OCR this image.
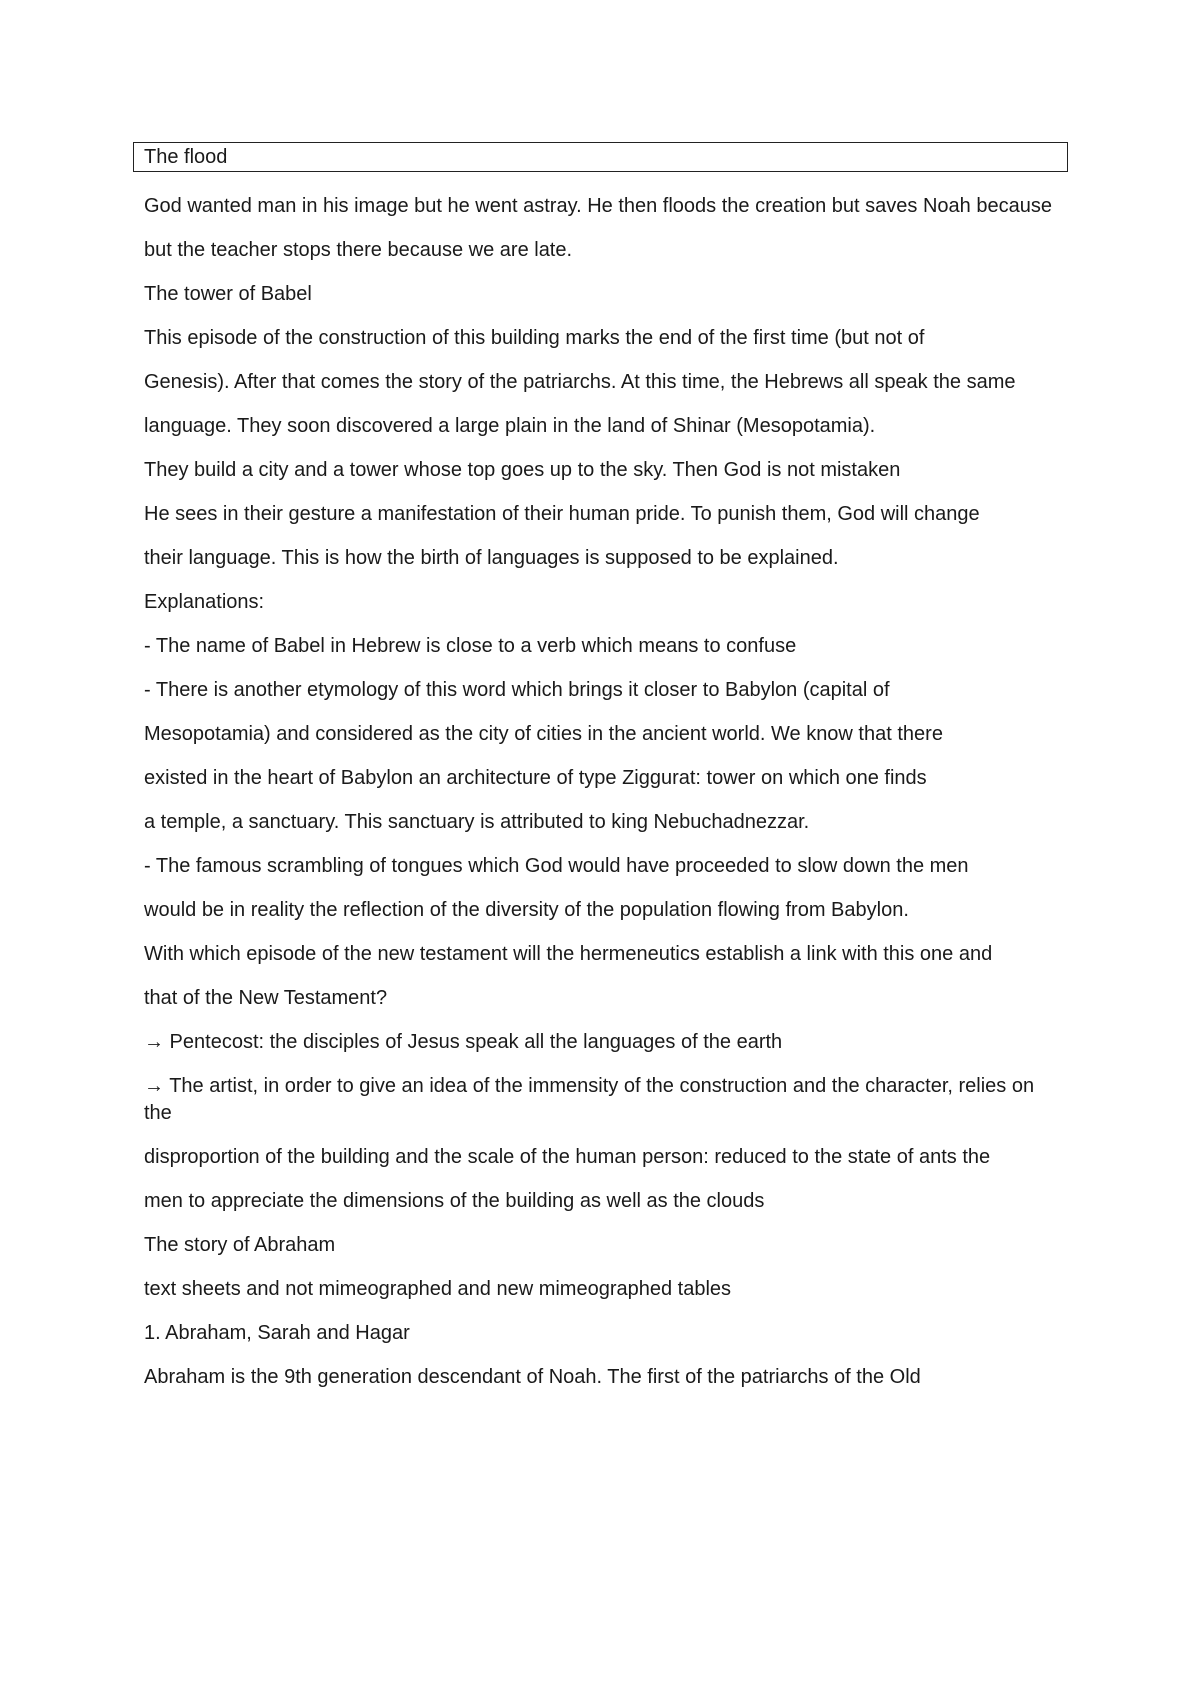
The flood

God wanted man in his image but he went astray. He then floods the creation but saves Noah because

but the teacher stops there because we are late.

The tower of Babel

This episode of the construction of this building marks the end of the first time (but not of

Genesis). After that comes the story of the patriarchs. At this time, the Hebrews all speak the same

language. They soon discovered a large plain in the land of Shinar (Mesopotamia).

They build a city and a tower whose top goes up to the sky. Then God is not mistaken

He sees in their gesture a manifestation of their human pride. To punish them, God will change

their language. This is how the birth of languages is supposed to be explained.

Explanations:

- The name of Babel in Hebrew is close to a verb which means to confuse

- There is another etymology of this word which brings it closer to Babylon (capital of

Mesopotamia) and considered as the city of cities in the ancient world. We know that there

existed in the heart of Babylon an architecture of type Ziggurat: tower on which one finds

a temple, a sanctuary. This sanctuary is attributed to king Nebuchadnezzar.

- The famous scrambling of tongues which God would have proceeded to slow down the men

would be in reality the reflection of the diversity of the population flowing from Babylon.

With which episode of the new testament will the hermeneutics establish a link with this one and

that of the New Testament?

→ Pentecost: the disciples of Jesus speak all the languages of the earth

→ The artist, in order to give an idea of the immensity of the construction and the character, relies on the

disproportion of the building and the scale of the human person: reduced to the state of ants the

men to appreciate the dimensions of the building as well as the clouds

The story of Abraham

text sheets and not mimeographed and new mimeographed tables

1. Abraham, Sarah and Hagar

Abraham is the 9th generation descendant of Noah. The first of the patriarchs of the Old
